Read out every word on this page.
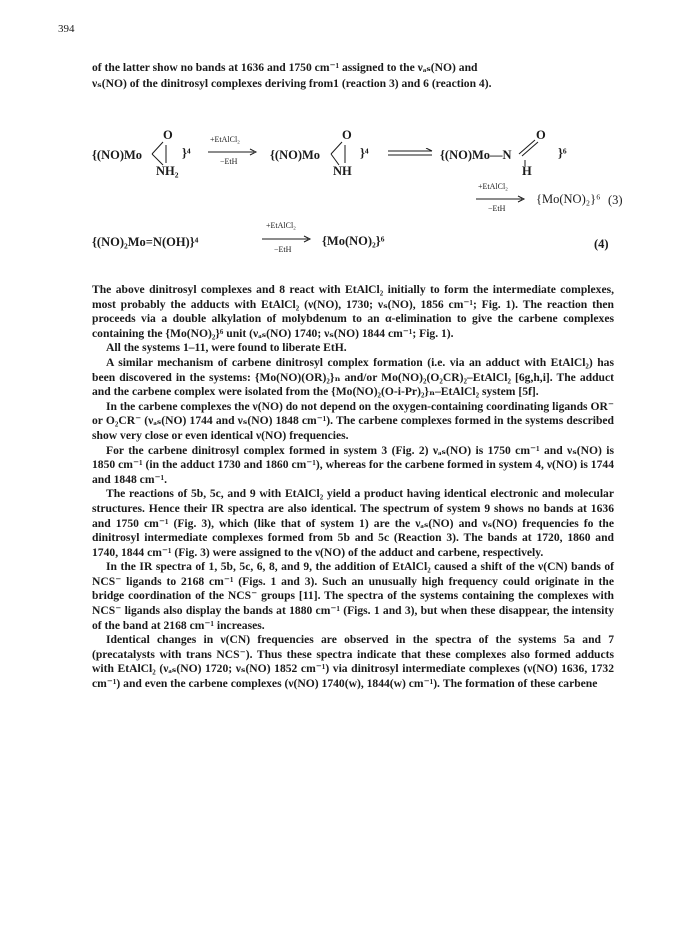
394
of the latter show no bands at 1636 and 1750 cm⁻¹ assigned to the νₐₛ(NO) and
νₛ(NO) of the dinitrosyl complexes deriving from1 (reaction 3) and 6 (reaction 4).
{(NO)Mo
O
NH₂
}⁴
+EtAlCl₂
−EtH	{(NO)Mo
O
NH
}⁴	{(NO)Mo—N
O
H
}⁶
+EtAlCl₂
−EtH
{Mo(NO)₂}⁶ (3)
{(NO)₂Mo=N(OH)}⁴
+EtAlCl₂
−EtH
{Mo(NO)₂}⁶	(4)

The above dinitrosyl complexes and 8 react with EtAlCl₂ initially to form the intermediate complexes, most probably the adducts with EtAlCl₂ (ν(NO), 1730; νₛ(NO), 1856 cm⁻¹; Fig. 1). The reaction then proceeds via a double alkylation of molybdenum to an α-elimination to give the carbene complexes containing the {Mo(NO)₂}⁶ unit (νₐₛ(NO) 1740; νₛ(NO) 1844 cm⁻¹; Fig. 1).

All the systems 1–11, were found to liberate EtH.

A similar mechanism of carbene dinitrosyl complex formation (i.e. via an adduct with EtAlCl₂) has been discovered in the systems: {Mo(NO)(OR)₂}ₙ and/or Mo(NO)₂(O₂CR)₂–EtAlCl₂ [6g,h,i]. The adduct and the carbene complex were isolated from the {Mo(NO)₂(O-i-Pr)₂}ₙ–EtAlCl₂ system [5f].

In the carbene complexes the ν(NO) do not depend on the oxygen-containing coordinating ligands OR⁻ or O₂CR⁻ (νₐₛ(NO) 1744 and νₛ(NO) 1848 cm⁻¹). The carbene complexes formed in the systems described show very close or even identical ν(NO) frequencies.

For the carbene dinitrosyl complex formed in system 3 (Fig. 2) νₐₛ(NO) is 1750 cm⁻¹ and νₛ(NO) is 1850 cm⁻¹ (in the adduct 1730 and 1860 cm⁻¹), whereas for the carbene formed in system 4, ν(NO) is 1744 and 1848 cm⁻¹.

The reactions of 5b, 5c, and 9 with EtAlCl₂ yield a product having identical electronic and molecular structures. Hence their IR spectra are also identical. The spectrum of system 9 shows no bands at 1636 and 1750 cm⁻¹ (Fig. 3), which (like that of system 1) are the νₐₛ(NO) and νₛ(NO) frequencies fo the dinitrosyl intermediate complexes formed from 5b and 5c (Reaction 3). The bands at 1720, 1860 and 1740, 1844 cm⁻¹ (Fig. 3) were assigned to the ν(NO) of the adduct and carbene, respectively.

In the IR spectra of 1, 5b, 5c, 6, 8, and 9, the addition of EtAlCl₂ caused a shift of the ν(CN) bands of NCS⁻ ligands to 2168 cm⁻¹ (Figs. 1 and 3). Such an unusually high frequency could originate in the bridge coordination of the NCS⁻ groups [11]. The spectra of the systems containing the complexes with NCS⁻ ligands also display the bands at 1880 cm⁻¹ (Figs. 1 and 3), but when these disappear, the intensity of the band at 2168 cm⁻¹ increases.

Identical changes in ν(CN) frequencies are observed in the spectra of the systems 5a and 7 (precatalysts with trans NCS⁻). Thus these spectra indicate that these complexes also formed adducts with EtAlCl₂ (νₐₛ(NO) 1720; νₛ(NO) 1852 cm⁻¹) via dinitrosyl intermediate complexes (ν(NO) 1636, 1732 cm⁻¹) and even the carbene complexes (ν(NO) 1740(w), 1844(w) cm⁻¹). The formation of these carbene
